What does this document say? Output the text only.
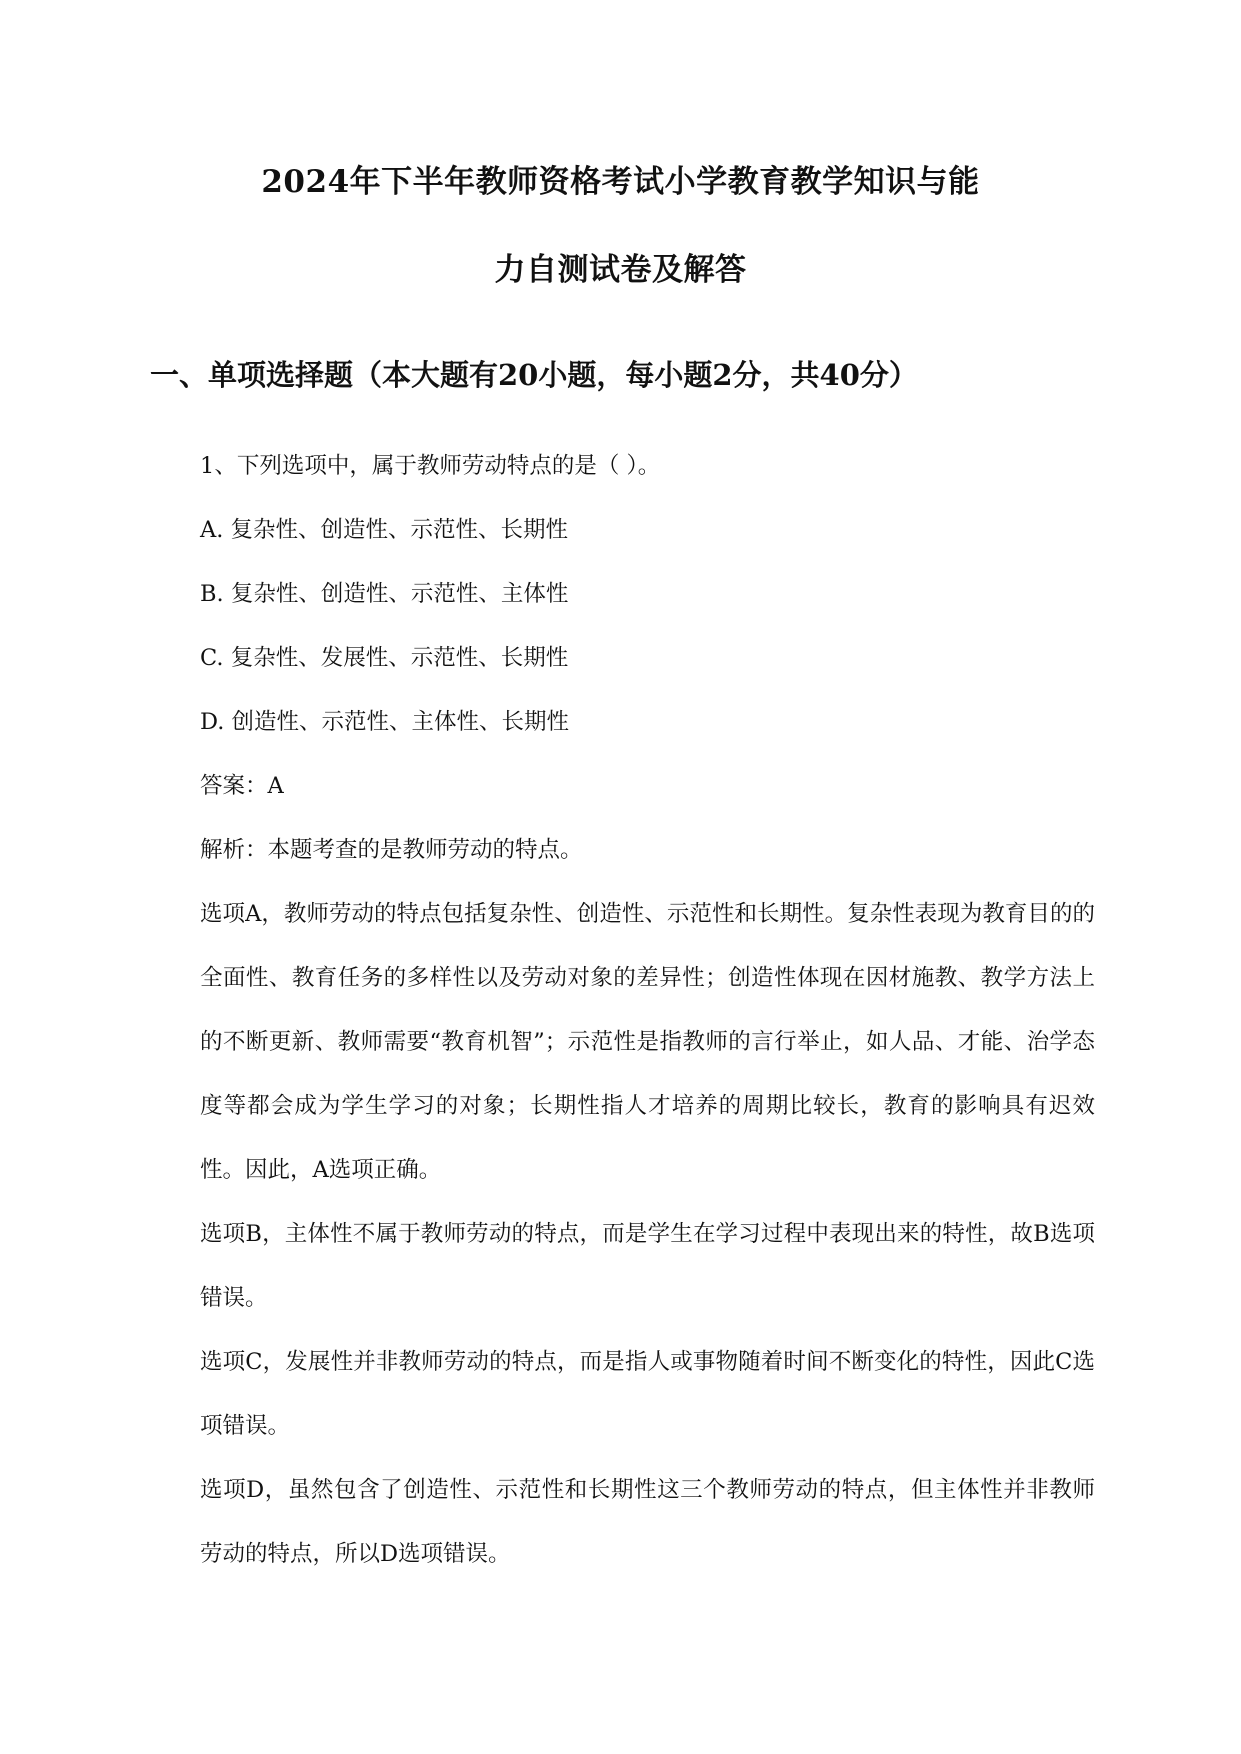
2024年下半年教师资格考试小学教育教学知识与能
力自测试卷及解答
一、单项选择题（本大题有20小题，每小题2分，共40分）
1、下列选项中，属于教师劳动特点的是（ ）。
A. 复杂性、创造性、示范性、长期性
B. 复杂性、创造性、示范性、主体性
C. 复杂性、发展性、示范性、长期性
D. 创造性、示范性、主体性、长期性
答案：A
解析：本题考查的是教师劳动的特点。
选项A，教师劳动的特点包括复杂性、创造性、示范性和长期性。复杂性表现为教育目的的全面性、教育任务的多样性以及劳动对象的差异性；创造性体现在因材施教、教学方法上的不断更新、教师需要“教育机智”；示范性是指教师的言行举止，如人品、才能、治学态度等都会成为学生学习的对象；长期性指人才培养的周期比较长，教育的影响具有迟效性。因此，A选项正确。
选项B，主体性不属于教师劳动的特点，而是学生在学习过程中表现出来的特性，故B选项错误。
选项C，发展性并非教师劳动的特点，而是指人或事物随着时间不断变化的特性，因此C选项错误。
选项D，虽然包含了创造性、示范性和长期性这三个教师劳动的特点，但主体性并非教师劳动的特点，所以D选项错误。
